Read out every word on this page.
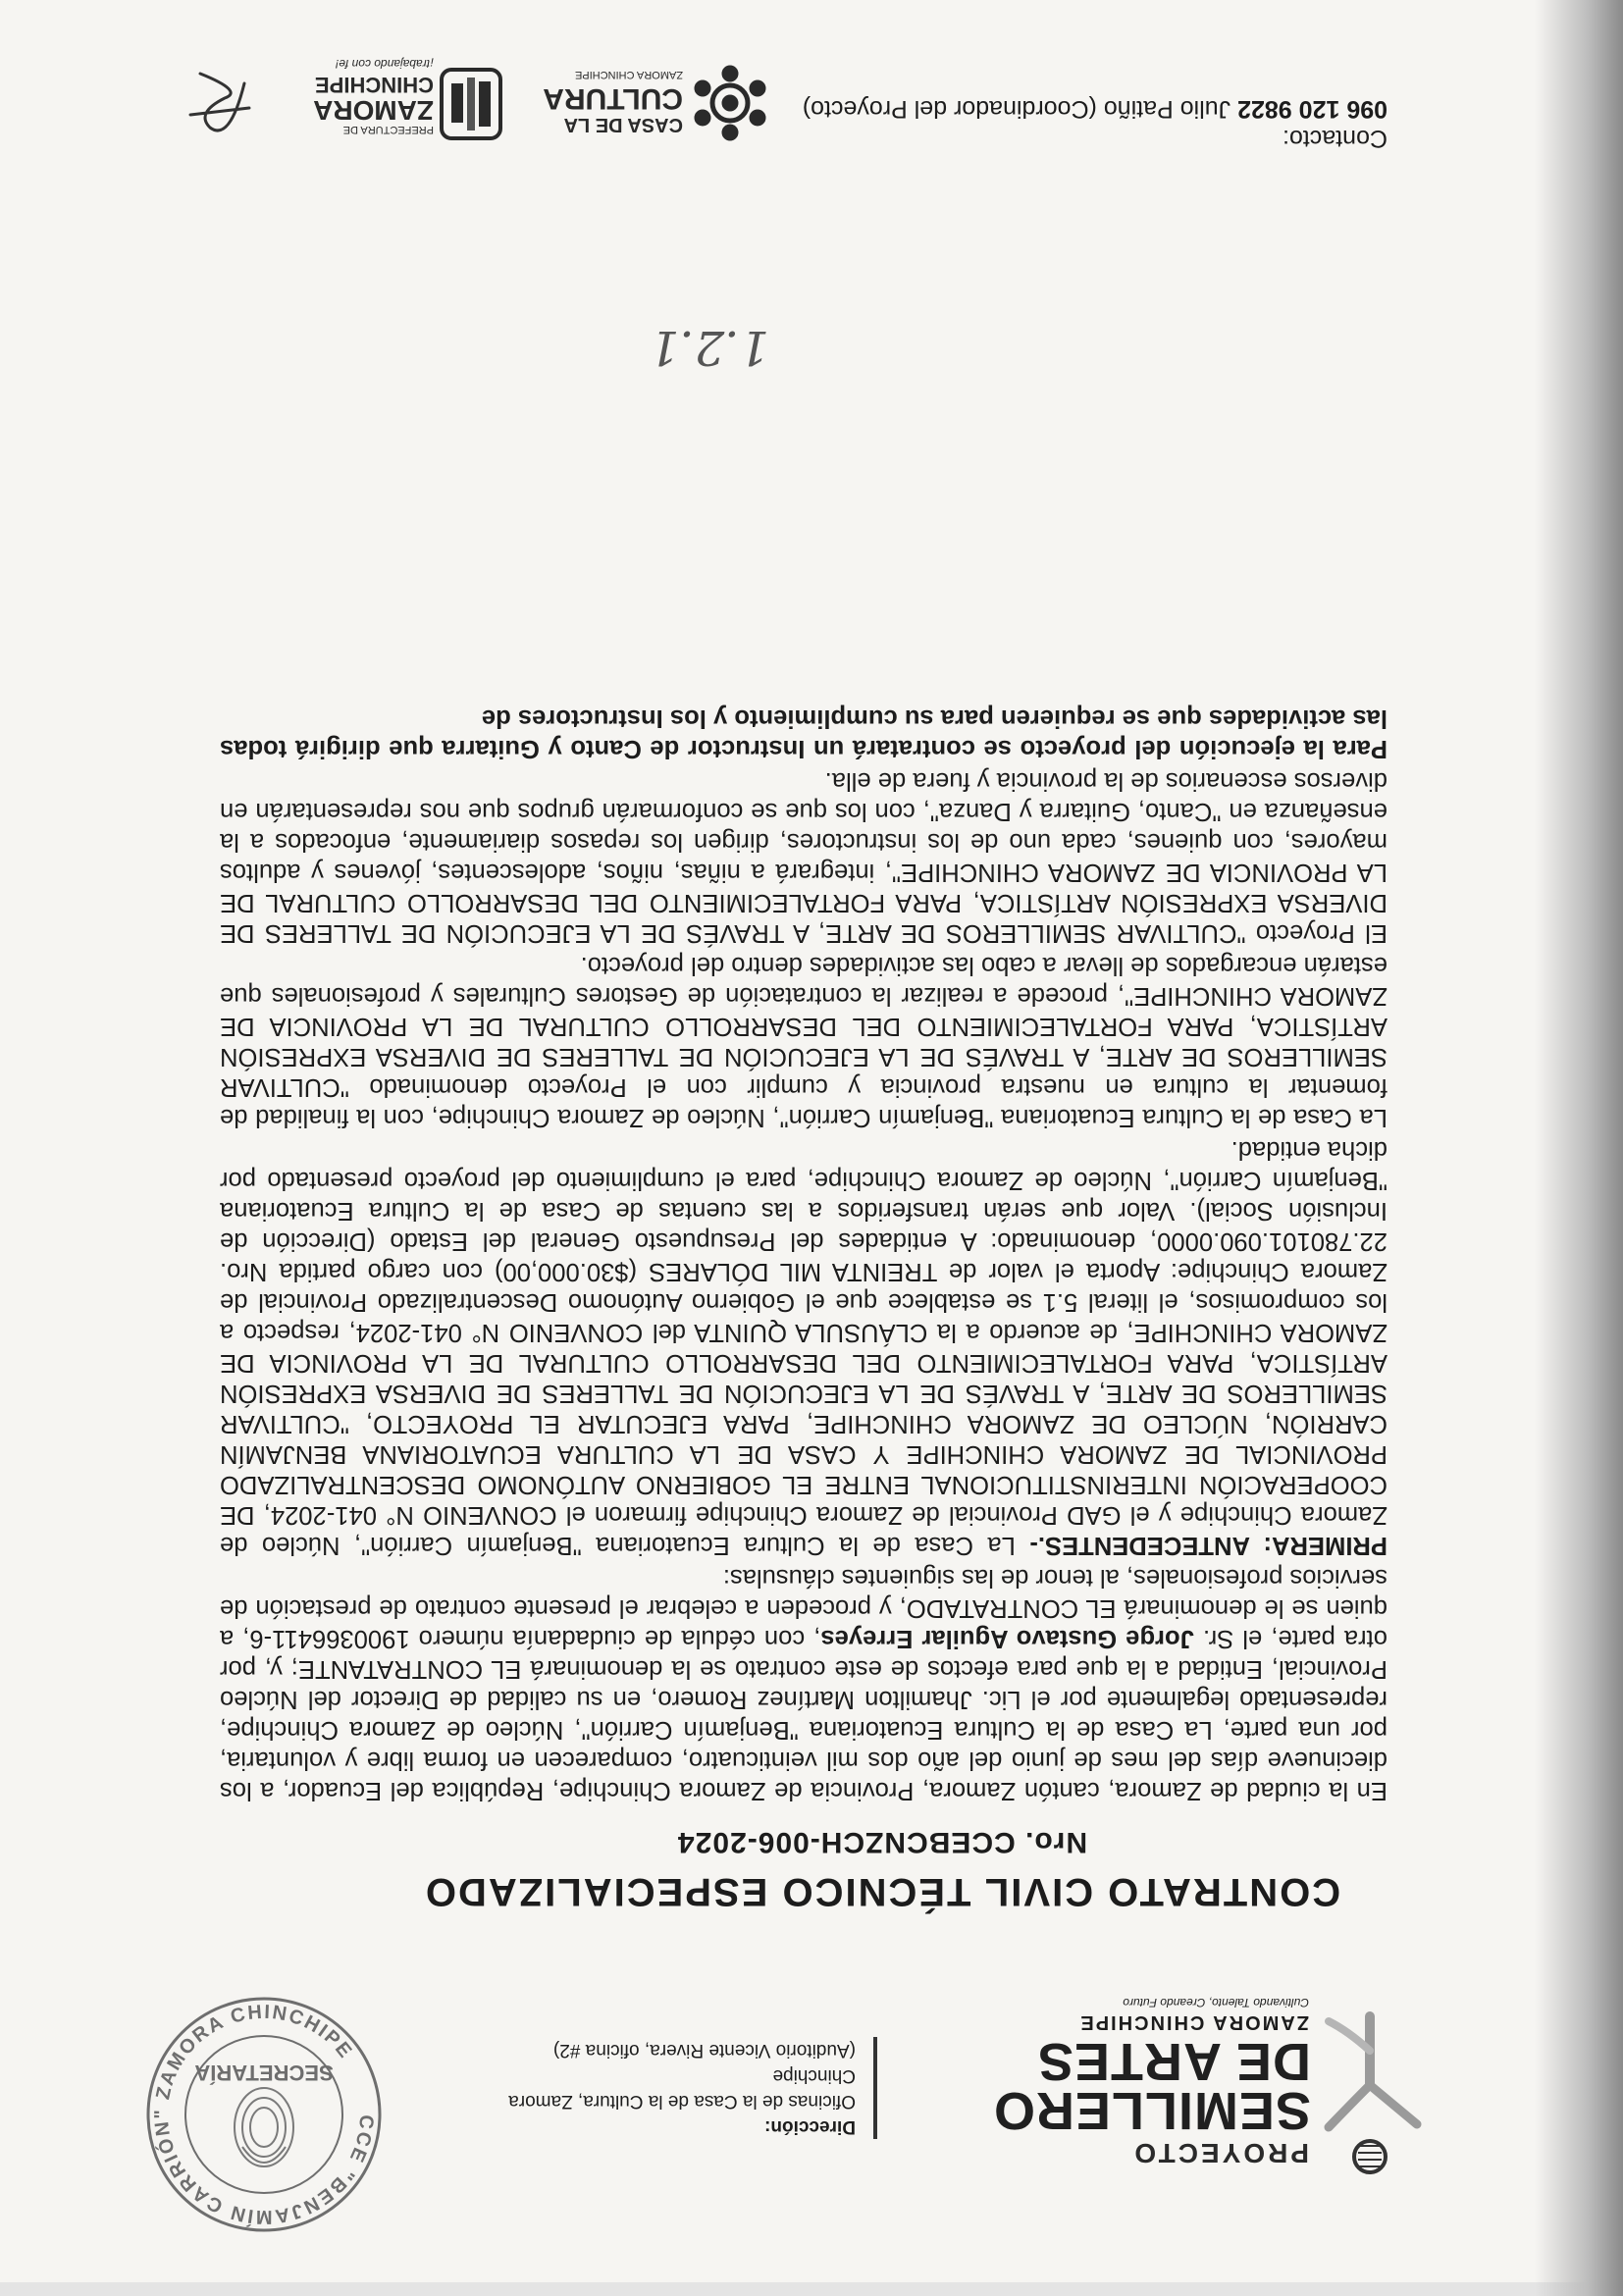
PROYECTO
SEMILLERO DE ARTES
ZAMORA CHINCHIPE
Cultivando Talento, Creando Futuro
Dirección:
Oficinas de la Casa de la Cultura, Zamora Chinchipe
(Auditorio Vicente Rivera, oficina #2)
CCE "BENJAMÍN CARRIÓN" ZAMORA CHINCHIPE
SECRETARÍA
CONTRATO CIVIL TÉCNICO ESPECIALIZADO
Nro. CCEBCNZCH-006-2024

En la ciudad de Zamora, cantón Zamora, Provincia de Zamora Chinchipe, República del Ecuador, a los diecinueve días del mes de junio del año dos mil veinticuatro, comparecen en forma libre y voluntaria, por una parte, La Casa de la Cultura Ecuatoriana "Benjamín Carrión", Núcleo de Zamora Chinchipe, representado legalmente por el Lic. Jhamilton Martínez Romero, en su calidad de Director del Núcleo Provincial, Entidad a la que para efectos de este contrato se la denominará EL CONTRATANTE; y, por otra parte, el Sr. Jorge Gustavo Aguilar Erreyes, con cédula de ciudadanía número 1900366411-6, a quien se le denominará EL CONTRATADO, y proceden a celebrar el presente contrato de prestación de servicios profesionales, al tenor de las siguientes cláusulas:

PRIMERA: ANTECEDENTES.- La Casa de la Cultura Ecuatoriana "Benjamín Carrión", Núcleo de Zamora Chinchipe y el GAD Provincial de Zamora Chinchipe firmaron el CONVENIO N° 041-2024, DE COOPERACIÓN INTERINSTITUCIONAL ENTRE EL GOBIERNO AUTÓNOMO DESCENTRALIZADO PROVINCIAL DE ZAMORA CHINCHIPE Y CASA DE LA CULTURA ECUATORIANA BENJAMÍN CARRIÓN, NÚCLEO DE ZAMORA CHINCHIPE, PARA EJECUTAR EL PROYECTO, "CULTIVAR SEMILLEROS DE ARTE, A TRAVÉS DE LA EJECUCIÓN DE TALLERES DE DIVERSA EXPRESIÓN ARTÍSTICA, PARA FORTALECIMIENTO DEL DESARROLLO CULTURAL DE LA PROVINCIA DE ZAMORA CHINCHIPE, de acuerdo a la CLÁUSULA QUINTA del CONVENIO N° 041-2024, respecto a los compromisos, el literal 5.1 se establece que el Gobierno Autónomo Descentralizado Provincial de Zamora Chinchipe: Aporta el valor de TREINTA MIL DÓLARES ($30.000,00) con cargo partida Nro. 22.780101.090.0000, denominado: A entidades del Presupuesto General del Estado (Dirección de Inclusión Social). Valor que serán transferidos a las cuentas de Casa de la Cultura Ecuatoriana "Benjamín Carrión", Núcleo de Zamora Chinchipe, para el cumplimiento del proyecto presentado por dicha entidad.

La Casa de la Cultura Ecuatoriana "Benjamín Carrión", Núcleo de Zamora Chinchipe, con la finalidad de fomentar la cultura en nuestra provincia y cumplir con el Proyecto denominado "CULTIVAR SEMILLEROS DE ARTE, A TRAVÉS DE LA EJECUCIÓN DE TALLERES DE DIVERSA EXPRESIÓN ARTÍSTICA, PARA FORTALECIMIENTO DEL DESARROLLO CULTURAL DE LA PROVINCIA DE ZAMORA CHINCHIPE", procede a realizar la contratación de Gestores Culturales y profesionales que estarán encargados de llevar a cabo las actividades dentro del proyecto.

El Proyecto "CULTIVAR SEMILLEROS DE ARTE, A TRAVÉS DE LA EJECUCIÓN DE TALLERES DE DIVERSA EXPRESIÓN ARTÍSTICA, PARA FORTALECIMIENTO DEL DESARROLLO CULTURAL DE LA PROVINCIA DE ZAMORA CHINCHIPE", integrará a niñas, niños, adolescentes, jóvenes y adultos mayores, con quienes, cada uno de los instructores, dirigen los repasos diariamente, enfocados a la enseñanza en "Canto, Guitarra y Danza", con los que se conformarán grupos que nos representarán en diversos escenarios de la provincia y fuera de ella.

Para la ejecución del proyecto se contratará un Instructor de Canto y Guitarra que dirigirá todas las actividades que se requieren para su cumplimiento y los Instructores de

1.2.1
Contacto:
096 120 9822 Julio Patiño (Coordinador del Proyecto)
CASA DE LA
CULTURA
ZAMORA CHINCHIPE
PREFECTURA DE
ZAMORA
CHINCHIPE
¡trabajando con fe!
